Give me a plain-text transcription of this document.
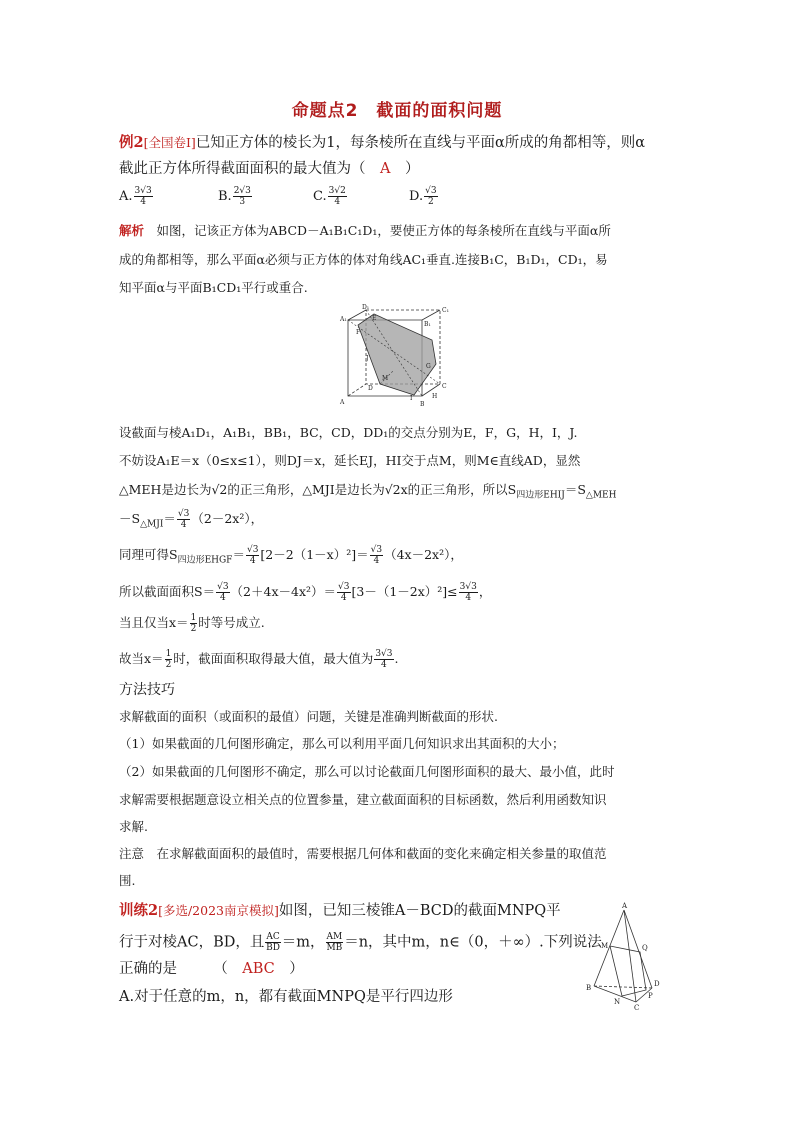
命题点2　截面的面积问题
例2[全国卷Ⅰ]已知正方体的棱长为1，每条棱所在直线与平面α所成的角都相等，则α
截此正方体所得截面面积的最大值为（　A　）
A. $\frac{3√3}{4}$	B. $\frac{2√3}{3}$	C. $\frac{3√2}{4}$	D. $\frac{√3}{2}$
解析　 如图，记该正方体为ABCD－A₁B₁C₁D₁，要使正方体的每条棱所在直线与平面α所
成的角都相等，那么平面α必须与正方体的体对角线AC₁垂直.连接B₁C，B₁D₁，CD₁，易
知平面α与平面B₁CD₁平行或重合.
D₁
A₁	E
F
C₁
B₁
J
G
M
D
I
C
H
A	B
设截面与棱A₁D₁，A₁B₁，BB₁，BC，CD，DD₁的交点分别为E，F，G，H，I，J.
不妨设A₁E＝x（0≤x≤1），则DJ＝x，延长EJ，HI交于点M，则M∈直线AD，显然
△MEH是边长为√2的正三角形，△MJI是边长为√2x的正三角形，所以$S_{四边形EHIJ}=S_{\triangle MEH}$
$-S_{\triangle MJI}= \frac{√3}{4} (2-2x^2)$，
同理可得$S_{四边形EHGF}= \frac{√3}{4} [2-2(1-x)^2]= \frac{√3}{4} (4x-2x^2)$，
所以截面面积$S= \frac{√3}{4} (2+4x-4x^2)= \frac{√3}{4} [3-(1-2x)^2]\le \frac{3√3}{4}$ ，
当且仅当$x= \frac{1}{2}$ 时等号成立.
故当$x= \frac{1}{2}$ 时，截面面积取得最大值，最大值为 $\frac{3√3}{4}$ .
方法技巧
求解截面的面积（或面积的最值）问题，关键是准确判断截面的形状.
（1）如果截面的几何图形确定，那么可以利用平面几何知识求出其面积的大小；
（2）如果截面的几何图形不确定，那么可以讨论截面几何图形面积的最大、最小值，此时
求解需要根据题意设立相关点的位置参量，建立截面面积的目标函数，然后利用函数知识
求解.
注意　 在求解截面面积的最值时，需要根据几何体和截面的变化来确定相关参量的取值范
围.
训练2[多选/2023南京模拟]如图，已知三棱锥A－BCD的截面MNPQ平
行于对棱AC，BD，且 $\frac{AC}{BD} =m$， $\frac{AM}{MB} =n$，其中m，n∈（0，＋∞）.下列说法
正确的是　　　	（　ABC　）
A.对于任意的m，n，都有截面MNPQ是平行四边形
A
Q
M
D
B
N
P
C
